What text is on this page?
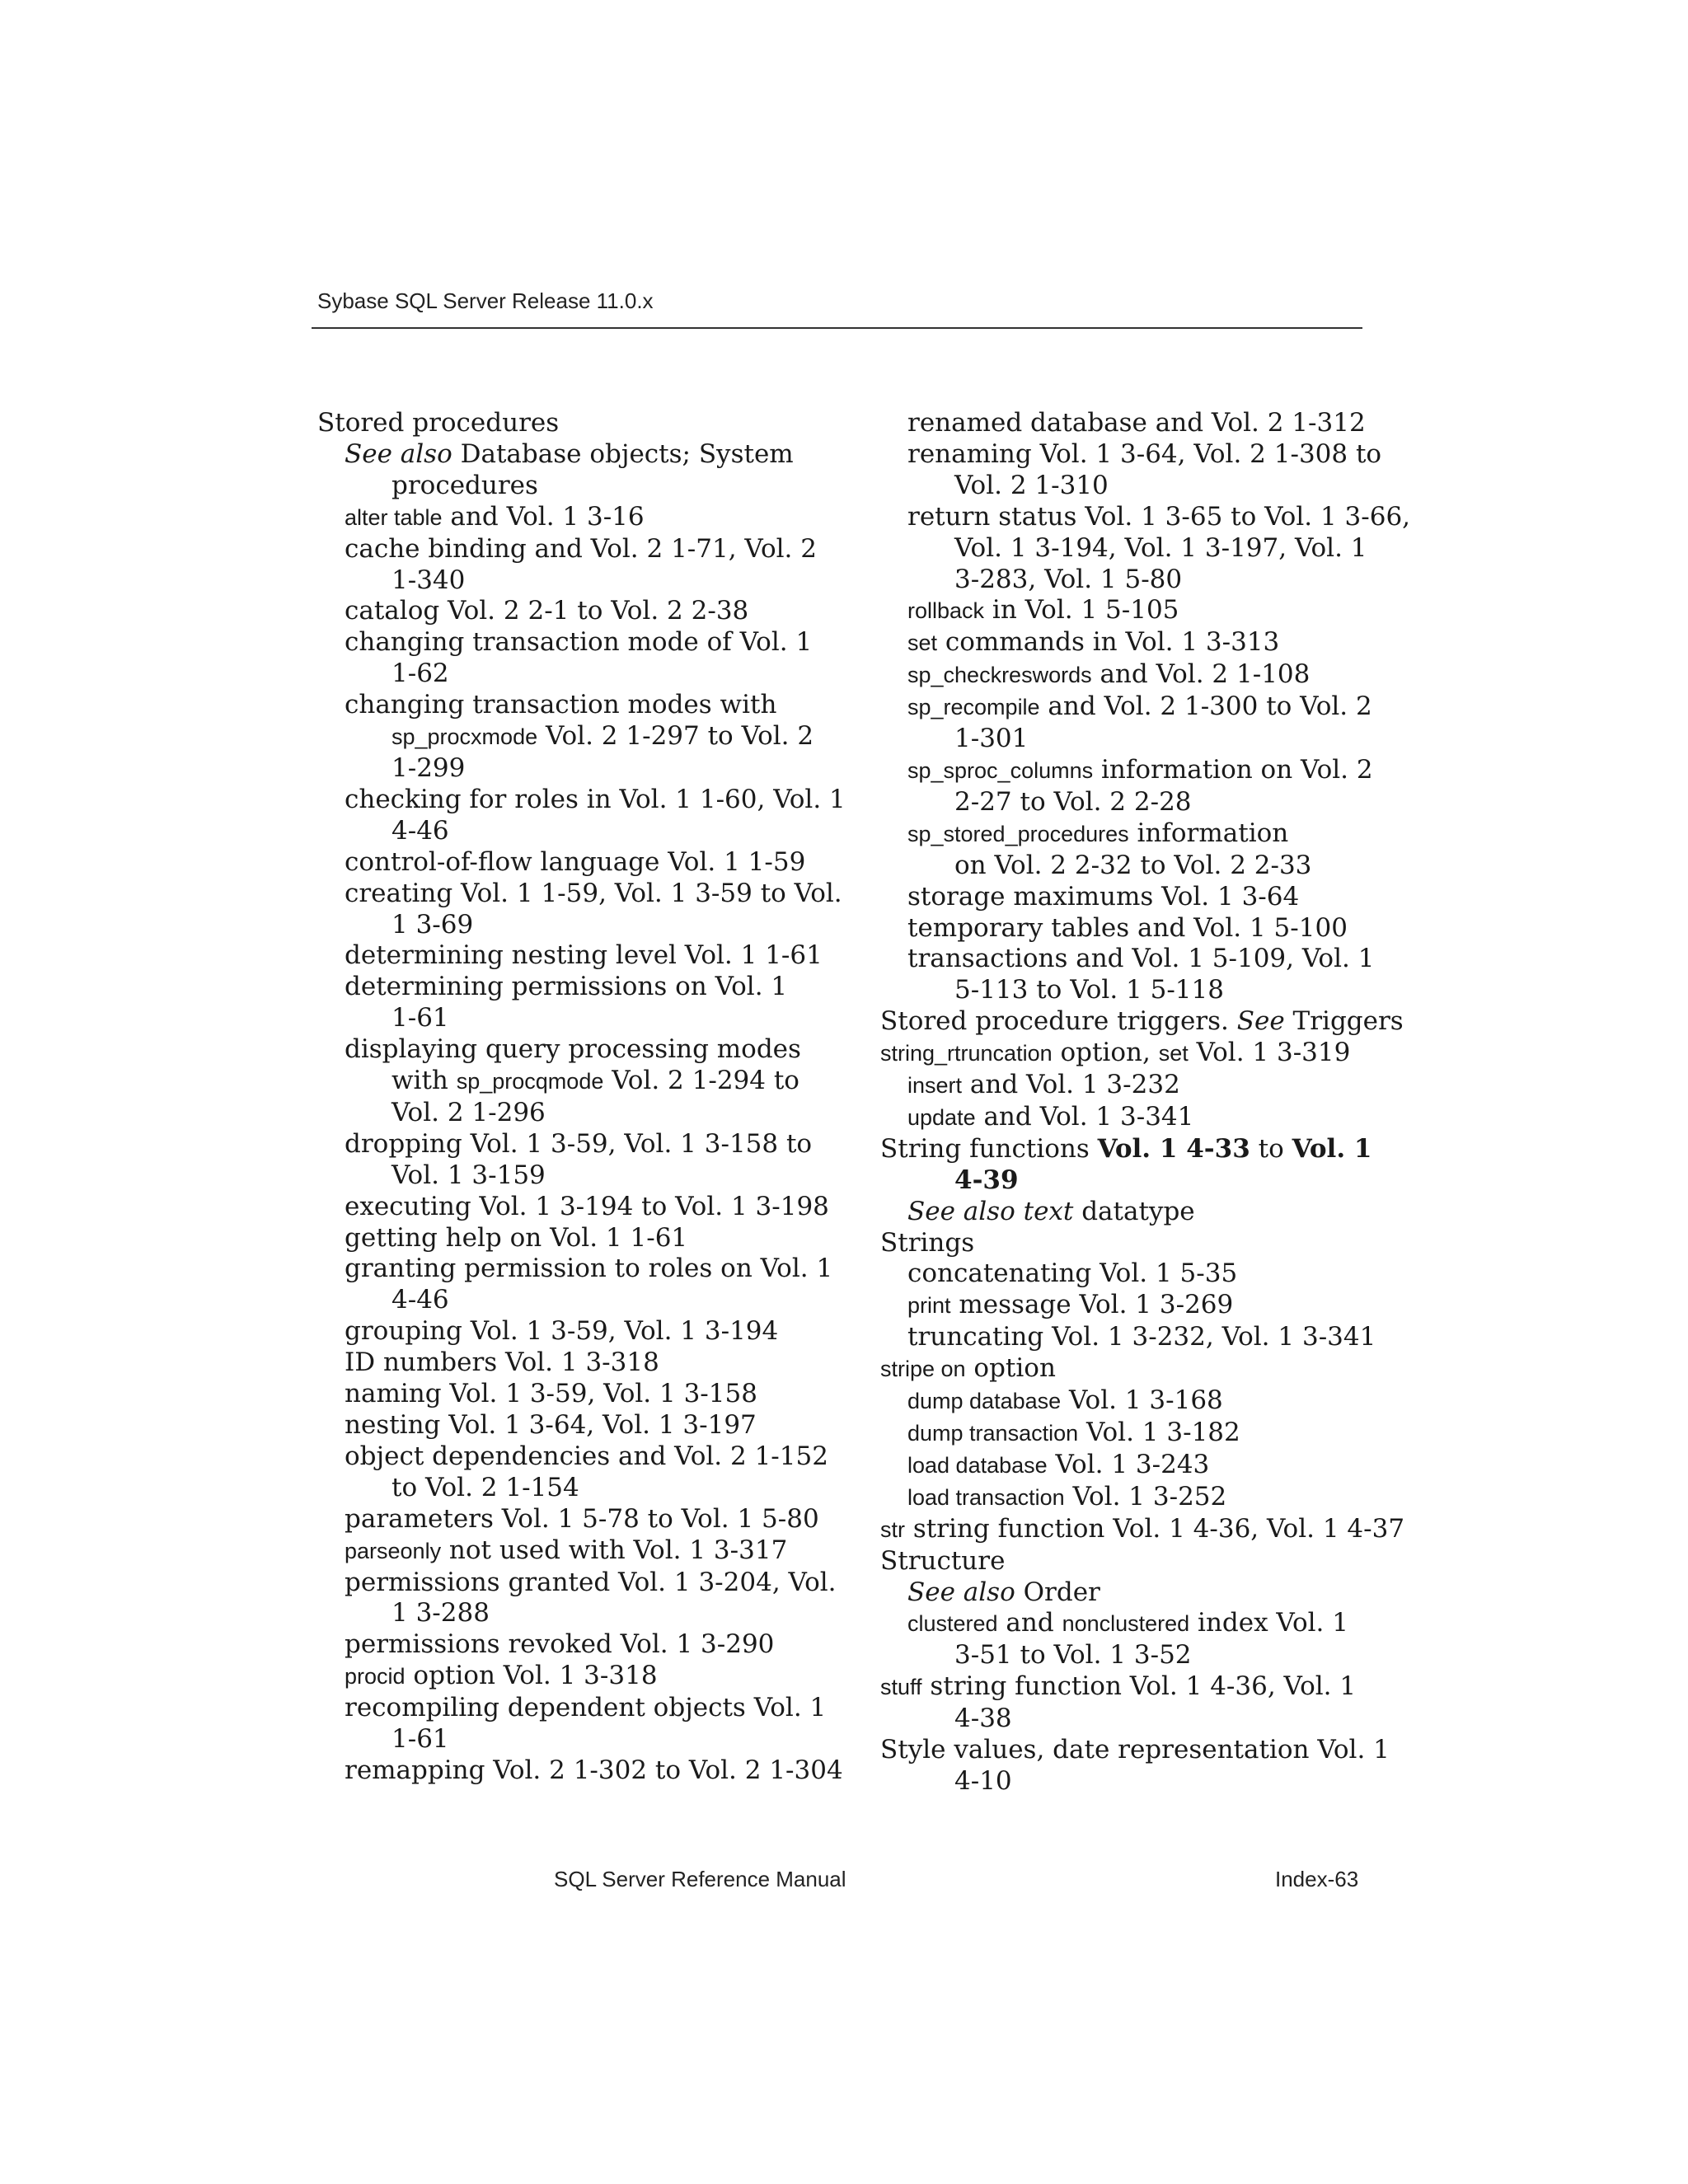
Sybase SQL Server Release 11.0.x
Stored procedures
See also Database objects; System
procedures
alter table and Vol. 1 3-16
cache binding and Vol. 2 1-71, Vol. 2
1-340
catalog Vol. 2 2-1 to Vol. 2 2-38
changing transaction mode of Vol. 1
1-62
changing transaction modes with
sp_procxmode Vol. 2 1-297 to Vol. 2
1-299
checking for roles in Vol. 1 1-60, Vol. 1
4-46
control-of-flow language Vol. 1 1-59
creating Vol. 1 1-59, Vol. 1 3-59 to Vol.
1 3-69
determining nesting level Vol. 1 1-61
determining permissions on Vol. 1
1-61
displaying query processing modes
with sp_procqmode Vol. 2 1-294 to
Vol. 2 1-296
dropping Vol. 1 3-59, Vol. 1 3-158 to
Vol. 1 3-159
executing Vol. 1 3-194 to Vol. 1 3-198
getting help on Vol. 1 1-61
granting permission to roles on Vol. 1
4-46
grouping Vol. 1 3-59, Vol. 1 3-194
ID numbers Vol. 1 3-318
naming Vol. 1 3-59, Vol. 1 3-158
nesting Vol. 1 3-64, Vol. 1 3-197
object dependencies and Vol. 2 1-152
to Vol. 2 1-154
parameters Vol. 1 5-78 to Vol. 1 5-80
parseonly not used with Vol. 1 3-317
permissions granted Vol. 1 3-204, Vol.
1 3-288
permissions revoked Vol. 1 3-290
procid option Vol. 1 3-318
recompiling dependent objects Vol. 1
1-61
remapping Vol. 2 1-302 to Vol. 2 1-304
renamed database and Vol. 2 1-312
renaming Vol. 1 3-64, Vol. 2 1-308 to
Vol. 2 1-310
return status Vol. 1 3-65 to Vol. 1 3-66,
Vol. 1 3-194, Vol. 1 3-197, Vol. 1
3-283, Vol. 1 5-80
rollback in Vol. 1 5-105
set commands in Vol. 1 3-313
sp_checkreswords and Vol. 2 1-108
sp_recompile and Vol. 2 1-300 to Vol. 2
1-301
sp_sproc_columns information on Vol. 2
2-27 to Vol. 2 2-28
sp_stored_procedures information
on Vol. 2 2-32 to Vol. 2 2-33
storage maximums Vol. 1 3-64
temporary tables and Vol. 1 5-100
transactions and Vol. 1 5-109, Vol. 1
5-113 to Vol. 1 5-118
Stored procedure triggers. See Triggers
string_rtruncation option, set Vol. 1 3-319
insert and Vol. 1 3-232
update and Vol. 1 3-341
String functions Vol. 1 4-33 to Vol. 1
4-39
See also text datatype
Strings
concatenating Vol. 1 5-35
print message Vol. 1 3-269
truncating Vol. 1 3-232, Vol. 1 3-341
stripe on option
dump database Vol. 1 3-168
dump transaction Vol. 1 3-182
load database Vol. 1 3-243
load transaction Vol. 1 3-252
str string function Vol. 1 4-36, Vol. 1 4-37
Structure
See also Order
clustered and nonclustered index Vol. 1
3-51 to Vol. 1 3-52
stuff string function Vol. 1 4-36, Vol. 1
4-38
Style values, date representation Vol. 1
4-10
SQL Server Reference Manual	Index-63
